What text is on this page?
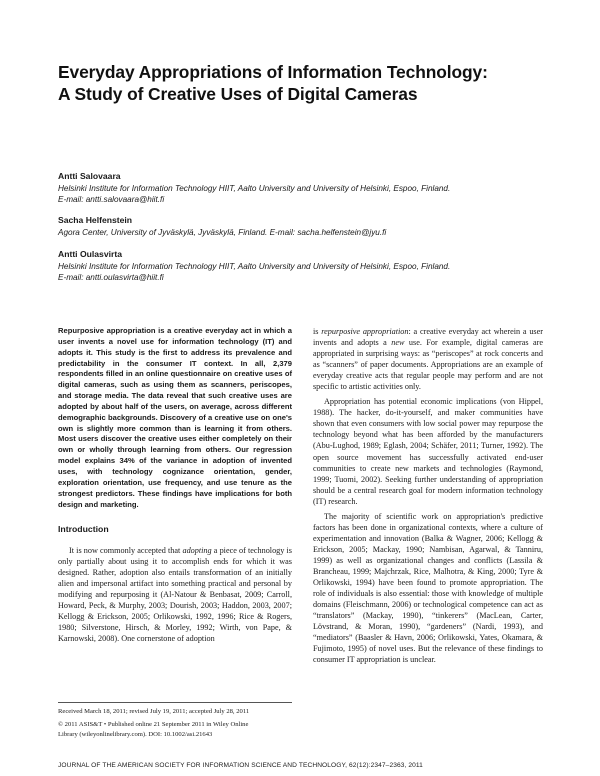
Everyday Appropriations of Information Technology:
A Study of Creative Uses of Digital Cameras
Antti Salovaara
Helsinki Institute for Information Technology HIIT, Aalto University and University of Helsinki, Espoo, Finland.
E-mail: antti.salovaara@hiit.fi
Sacha Helfenstein
Agora Center, University of Jyväskylä, Jyväskylä, Finland. E-mail: sacha.helfenstein@jyu.fi
Antti Oulasvirta
Helsinki Institute for Information Technology HIIT, Aalto University and University of Helsinki, Espoo, Finland.
E-mail: antti.oulasvirta@hiit.fi

Repurposive appropriation is a creative everyday act in which a user invents a novel use for information technology (IT) and adopts it. This study is the first to address its prevalence and predictability in the consumer IT context. In all, 2,379 respondents filled in an online questionnaire on creative uses of digital cameras, such as using them as scanners, periscopes, and storage media. The data reveal that such creative uses are adopted by about half of the users, on average, across different demographic backgrounds. Discovery of a creative use on one's own is slightly more common than is learning it from others. Most users discover the creative uses either completely on their own or wholly through learning from others. Our regression model explains 34% of the variance in adoption of invented uses, with technology cognizance orientation, gender, exploration orientation, use frequency, and use tenure as the strongest predictors. These findings have implications for both design and marketing.

Introduction

It is now commonly accepted that adopting a piece of technology is only partially about using it to accomplish ends for which it was designed. Rather, adoption also entails transformation of an initially alien and impersonal artifact into something practical and personal by modifying and repurposing it (Al-Natour & Benbasat, 2009; Carroll, Howard, Peck, & Murphy, 2003; Dourish, 2003; Haddon, 2003, 2007; Kellogg & Erickson, 2005; Orlikowski, 1992, 1996; Rice & Rogers, 1980; Silverstone, Hirsch, & Morley, 1992; Wirth, von Pape, & Karnowski, 2008). One cornerstone of adoption

Received March 18, 2011; revised July 19, 2011; accepted July 28, 2011
© 2011 ASIS&T • Published online 21 September 2011 in Wiley Online
Library (wileyonlinelibrary.com). DOI: 10.1002/asi.21643

is repurposive appropriation: a creative everyday act wherein a user invents and adopts a new use. For example, digital cameras are appropriated in surprising ways: as “periscopes” at rock concerts and as “scanners” of paper documents. Appropriations are an example of everyday creative acts that regular people may perform and are not specific to artistic activities only.

Appropriation has potential economic implications (von Hippel, 1988). The hacker, do-it-yourself, and maker communities have shown that even consumers with low social power may repurpose the technology beyond what has been afforded by the manufacturers (Abu-Lughod, 1989; Eglash, 2004; Schäfer, 2011; Turner, 1992). The open source movement has successfully activated end-user communities to create new markets and technologies (Raymond, 1999; Tuomi, 2002). Seeking further understanding of appropriation should be a central research goal for modern information technology (IT) research.

The majority of scientific work on appropriation's predictive factors has been done in organizational contexts, where a culture of experimentation and innovation (Balka & Wagner, 2006; Kellogg & Erickson, 2005; Mackay, 1990; Nambisan, Agarwal, & Tanniru, 1999) as well as organizational changes and conflicts (Lassila & Brancheau, 1999; Majchrzak, Rice, Malhotra, & King, 2000; Tyre & Orlikowski, 1994) have been found to promote appropriation. The role of individuals is also essential: those with knowledge of multiple domains (Fleischmann, 2006) or technological competence can act as “translators” (Mackay, 1990), “tinkerers” (MacLean, Carter, Lövstrand, & Moran, 1990), “gardeners” (Nardi, 1993), and “mediators” (Baasler & Havn, 2006; Orlikowski, Yates, Okamara, & Fujimoto, 1995) of novel uses. But the relevance of these findings to consumer IT appropriation is unclear.

JOURNAL OF THE AMERICAN SOCIETY FOR INFORMATION SCIENCE AND TECHNOLOGY, 62(12):2347–2363, 2011
